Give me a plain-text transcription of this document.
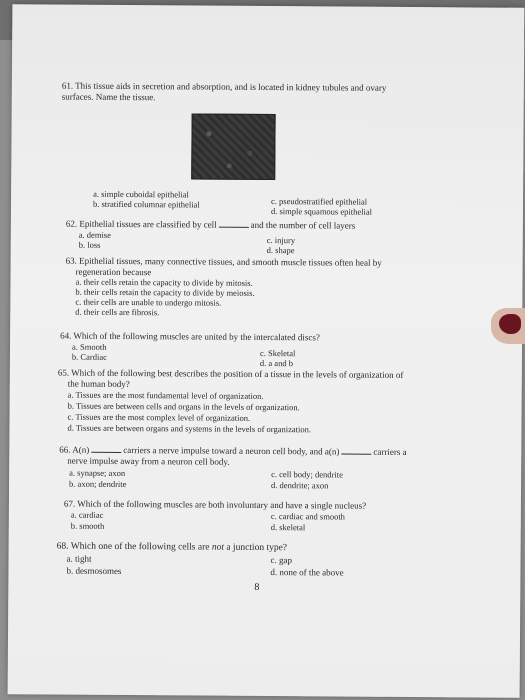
61. This tissue aids in secretion and absorption, and is located in kidney tubules and ovary
surfaces. Name the tissue.
a. simple cuboidal epithelial
b. stratified columnar epithelial	c. pseudostratified epithelial
d. simple squamous epithelial
62. Epithelial tissues are classified by cell	and the number of cell layers
a. demise
b. loss	c. injury
d. shape
63. Epithelial tissues, many connective tissues, and smooth muscle tissues often heal by
regeneration because
a. their cells retain the capacity to divide by mitosis.
b. their cells retain the capacity to divide by meiosis.
c. their cells are unable to undergo mitosis.
d. their cells are fibrosis.
64. Which of the following muscles are united by the intercalated discs?
a. Smooth
b. Cardiac	c. Skeletal
d. a and b
65. Which of the following best describes the position of a tissue in the levels of organization of
the human body?
a. Tissues are the most fundamental level of organization.
b. Tissues are between cells and organs in the levels of organization.
c. Tissues are the most complex level of organization.
d. Tissues are between organs and systems in the levels of organization.
66. A(n)	carriers a nerve impulse toward a neuron cell body, and a(n)	carriers a
nerve impulse away from a neuron cell body.
a. synapse; axon
b. axon; dendrite
c. cell body; dendrite
d. dendrite; axon
67. Which of the following muscles are both involuntary and have a single nucleus?
a. cardiac
b. smooth
c. cardiac and smooth
d. skeletal
68. Which one of the following cells are not a junction type?
a. tight
b. desmosomes
c. gap
d. none of the above
8
